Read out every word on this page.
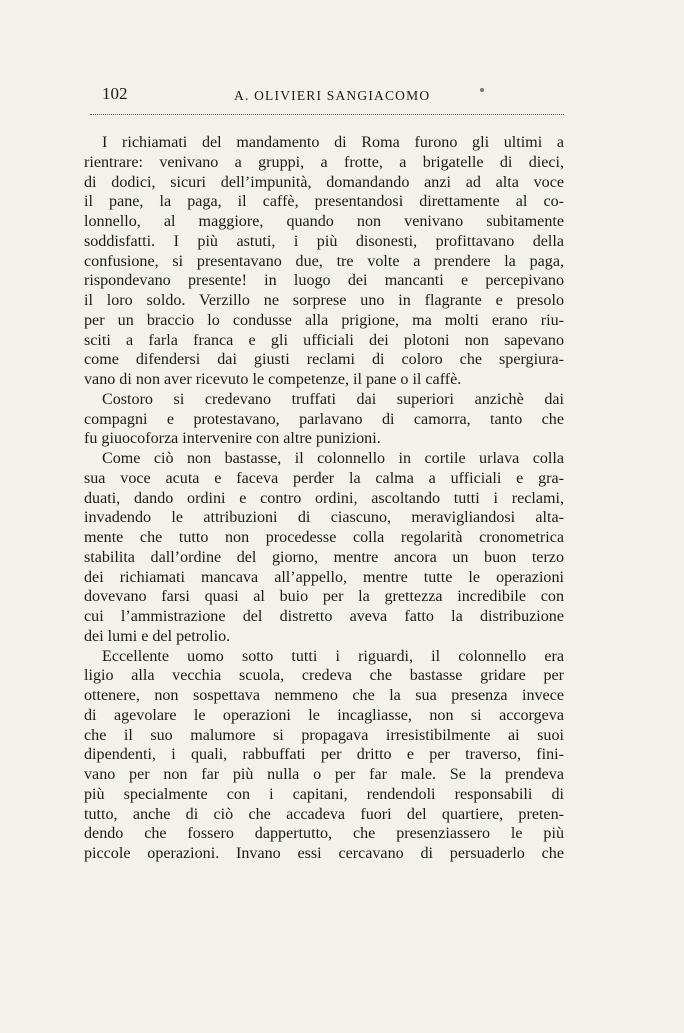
102	A. OLIVIERI SANGIACOMO
I richiamati del mandamento di Roma furono gli ultimi a
rientrare: venivano a gruppi, a frotte, a brigatelle di dieci,
di dodici, sicuri dell’impunità, domandando anzi ad alta voce
il pane, la paga, il caffè, presentandosi direttamente al co-
lonnello, al maggiore, quando non venivano subitamente
soddisfatti. I più astuti, i più disonesti, profittavano della
confusione, si presentavano due, tre volte a prendere la paga,
rispondevano presente! in luogo dei mancanti e percepivano
il loro soldo. Verzillo ne sorprese uno in flagrante e presolo
per un braccio lo condusse alla prigione, ma molti erano riu-
sciti a farla franca e gli ufficiali dei plotoni non sapevano
come difendersi dai giusti reclami di coloro che spergiura-
vano di non aver ricevuto le competenze, il pane o il caffè.
Costoro si credevano truffati dai superiori anzichè dai
compagni e protestavano, parlavano di camorra, tanto che
fu giuocoforza intervenire con altre punizioni.
Come ciò non bastasse, il colonnello in cortile urlava colla
sua voce acuta e faceva perder la calma a ufficiali e gra-
duati, dando ordini e contro ordini, ascoltando tutti i reclami,
invadendo le attribuzioni di ciascuno, meravigliandosi alta-
mente che tutto non procedesse colla regolarità cronometrica
stabilita dall’ordine del giorno, mentre ancora un buon terzo
dei richiamati mancava all’appello, mentre tutte le operazioni
dovevano farsi quasi al buio per la grettezza incredibile con
cui l’ammistrazione del distretto aveva fatto la distribuzione
dei lumi e del petrolio.
Eccellente uomo sotto tutti i riguardi, il colonnello era
ligio alla vecchia scuola, credeva che bastasse gridare per
ottenere, non sospettava nemmeno che la sua presenza invece
di agevolare le operazioni le incagliasse, non si accorgeva
che il suo malumore si propagava irresistibilmente ai suoi
dipendenti, i quali, rabbuffati per dritto e per traverso, fini-
vano per non far più nulla o per far male. Se la prendeva
più specialmente con i capitani, rendendoli responsabili di
tutto, anche di ciò che accadeva fuori del quartiere, preten-
dendo che fossero dappertutto, che presenziassero le più
piccole operazioni. Invano essi cercavano di persuaderlo che
